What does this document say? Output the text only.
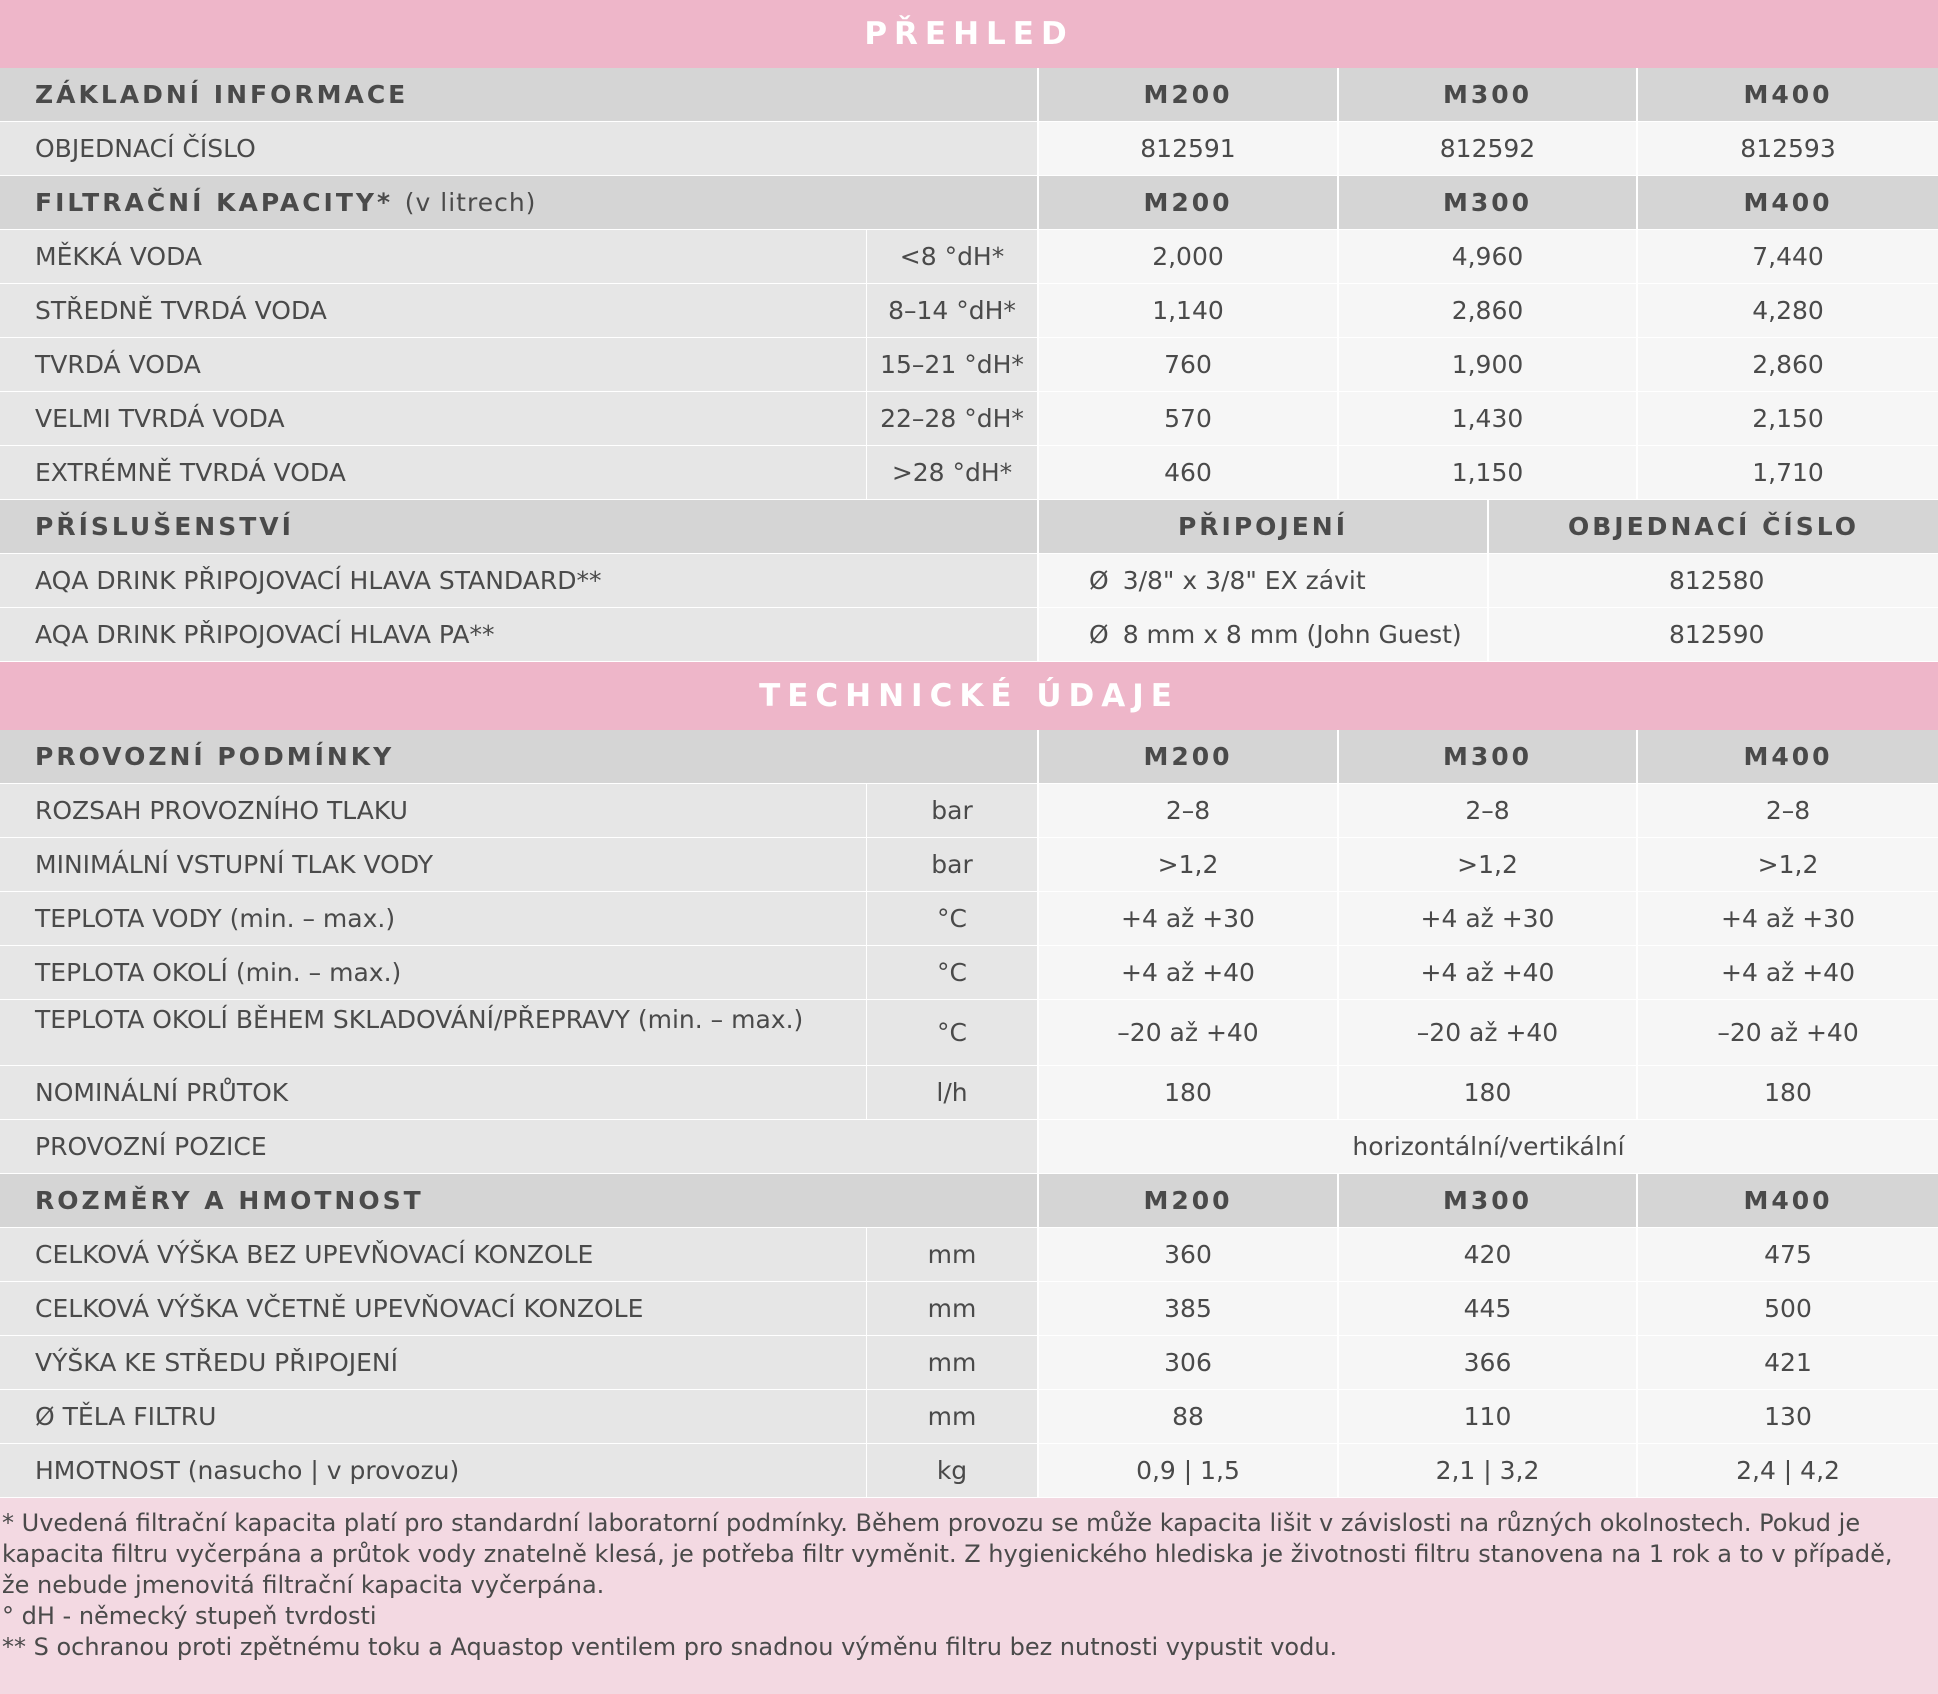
PŘEHLED					
ZÁKLADNÍ INFORMACE		M200	M300		M400
OBJEDNACÍ ČÍSLO		812591	812592		812593
FILTRAČNÍ KAPACITY* (v litrech)		M200	M300		M400
MĚKKÁ VODA	<8 °dH*	2,000	4,960		7,440
STŘEDNĚ TVRDÁ VODA	8–14 °dH*	1,140	2,860		4,280
TVRDÁ VODA	15–21 °dH*	760	1,900		2,860
VELMI TVRDÁ VODA	22–28 °dH*	570	1,430		2,150
EXTRÉMNĚ TVRDÁ VODA	>28 °dH*	460	1,150		1,710
PŘÍSLUŠENSTVÍ		PŘIPOJENÍ		OBJEDNACÍ ČÍSLO	
AQA DRINK PŘIPOJOVACÍ HLAVA STANDARD**		Ø 3/8" x 3/8" EX závit		812580	
AQA DRINK PŘIPOJOVACÍ HLAVA PA**		Ø 8 mm x 8 mm (John Guest)		812590	
TECHNICKÉ ÚDAJE					
PROVOZNÍ PODMÍNKY		M200	M300		M400
ROZSAH PROVOZNÍHO TLAKU	bar	2–8	2–8		2–8
MINIMÁLNÍ VSTUPNÍ TLAK VODY	bar	>1,2	>1,2		>1,2
TEPLOTA VODY (min. – max.)	°C	+4 až +30	+4 až +30		+4 až +30
TEPLOTA OKOLÍ (min. – max.)	°C	+4 až +40	+4 až +40		+4 až +40
TEPLOTA OKOLÍ BĚHEM SKLADOVÁNÍ/PŘEPRAVY (min. – max.)	°C	–20 až +40	–20 až +40		–20 až +40
NOMINÁLNÍ PRŮTOK	l/h	180	180		180
PROVOZNÍ POZICE		horizontální/vertikální			
ROZMĚRY A HMOTNOST		M200	M300		M400
CELKOVÁ VÝŠKA BEZ UPEVŇOVACÍ KONZOLE	mm	360	420		475
CELKOVÁ VÝŠKA VČETNĚ UPEVŇOVACÍ KONZOLE	mm	385	445		500
VÝŠKA KE STŘEDU PŘIPOJENÍ	mm	306	366		421
Ø TĚLA FILTRU	mm	88	110		130
HMOTNOST (nasucho | v provozu)	kg	0,9 | 1,5	2,1 | 3,2		2,4 | 4,2

* Uvedená filtrační kapacita platí pro standardní laboratorní podmínky. Během provozu se může kapacita lišit v závislosti na různých okolnostech. Pokud je kapacita filtru vyčerpána a průtok vody znatelně klesá, je potřeba filtr vyměnit. Z hygienického hlediska je životnosti filtru stanovena na 1 rok a to v případě, že nebude jmenovitá filtrační kapacita vyčerpána.

° dH - německý stupeň tvrdosti

** S ochranou proti zpětnému toku a Aquastop ventilem pro snadnou výměnu filtru bez nutnosti vypustit vodu.
